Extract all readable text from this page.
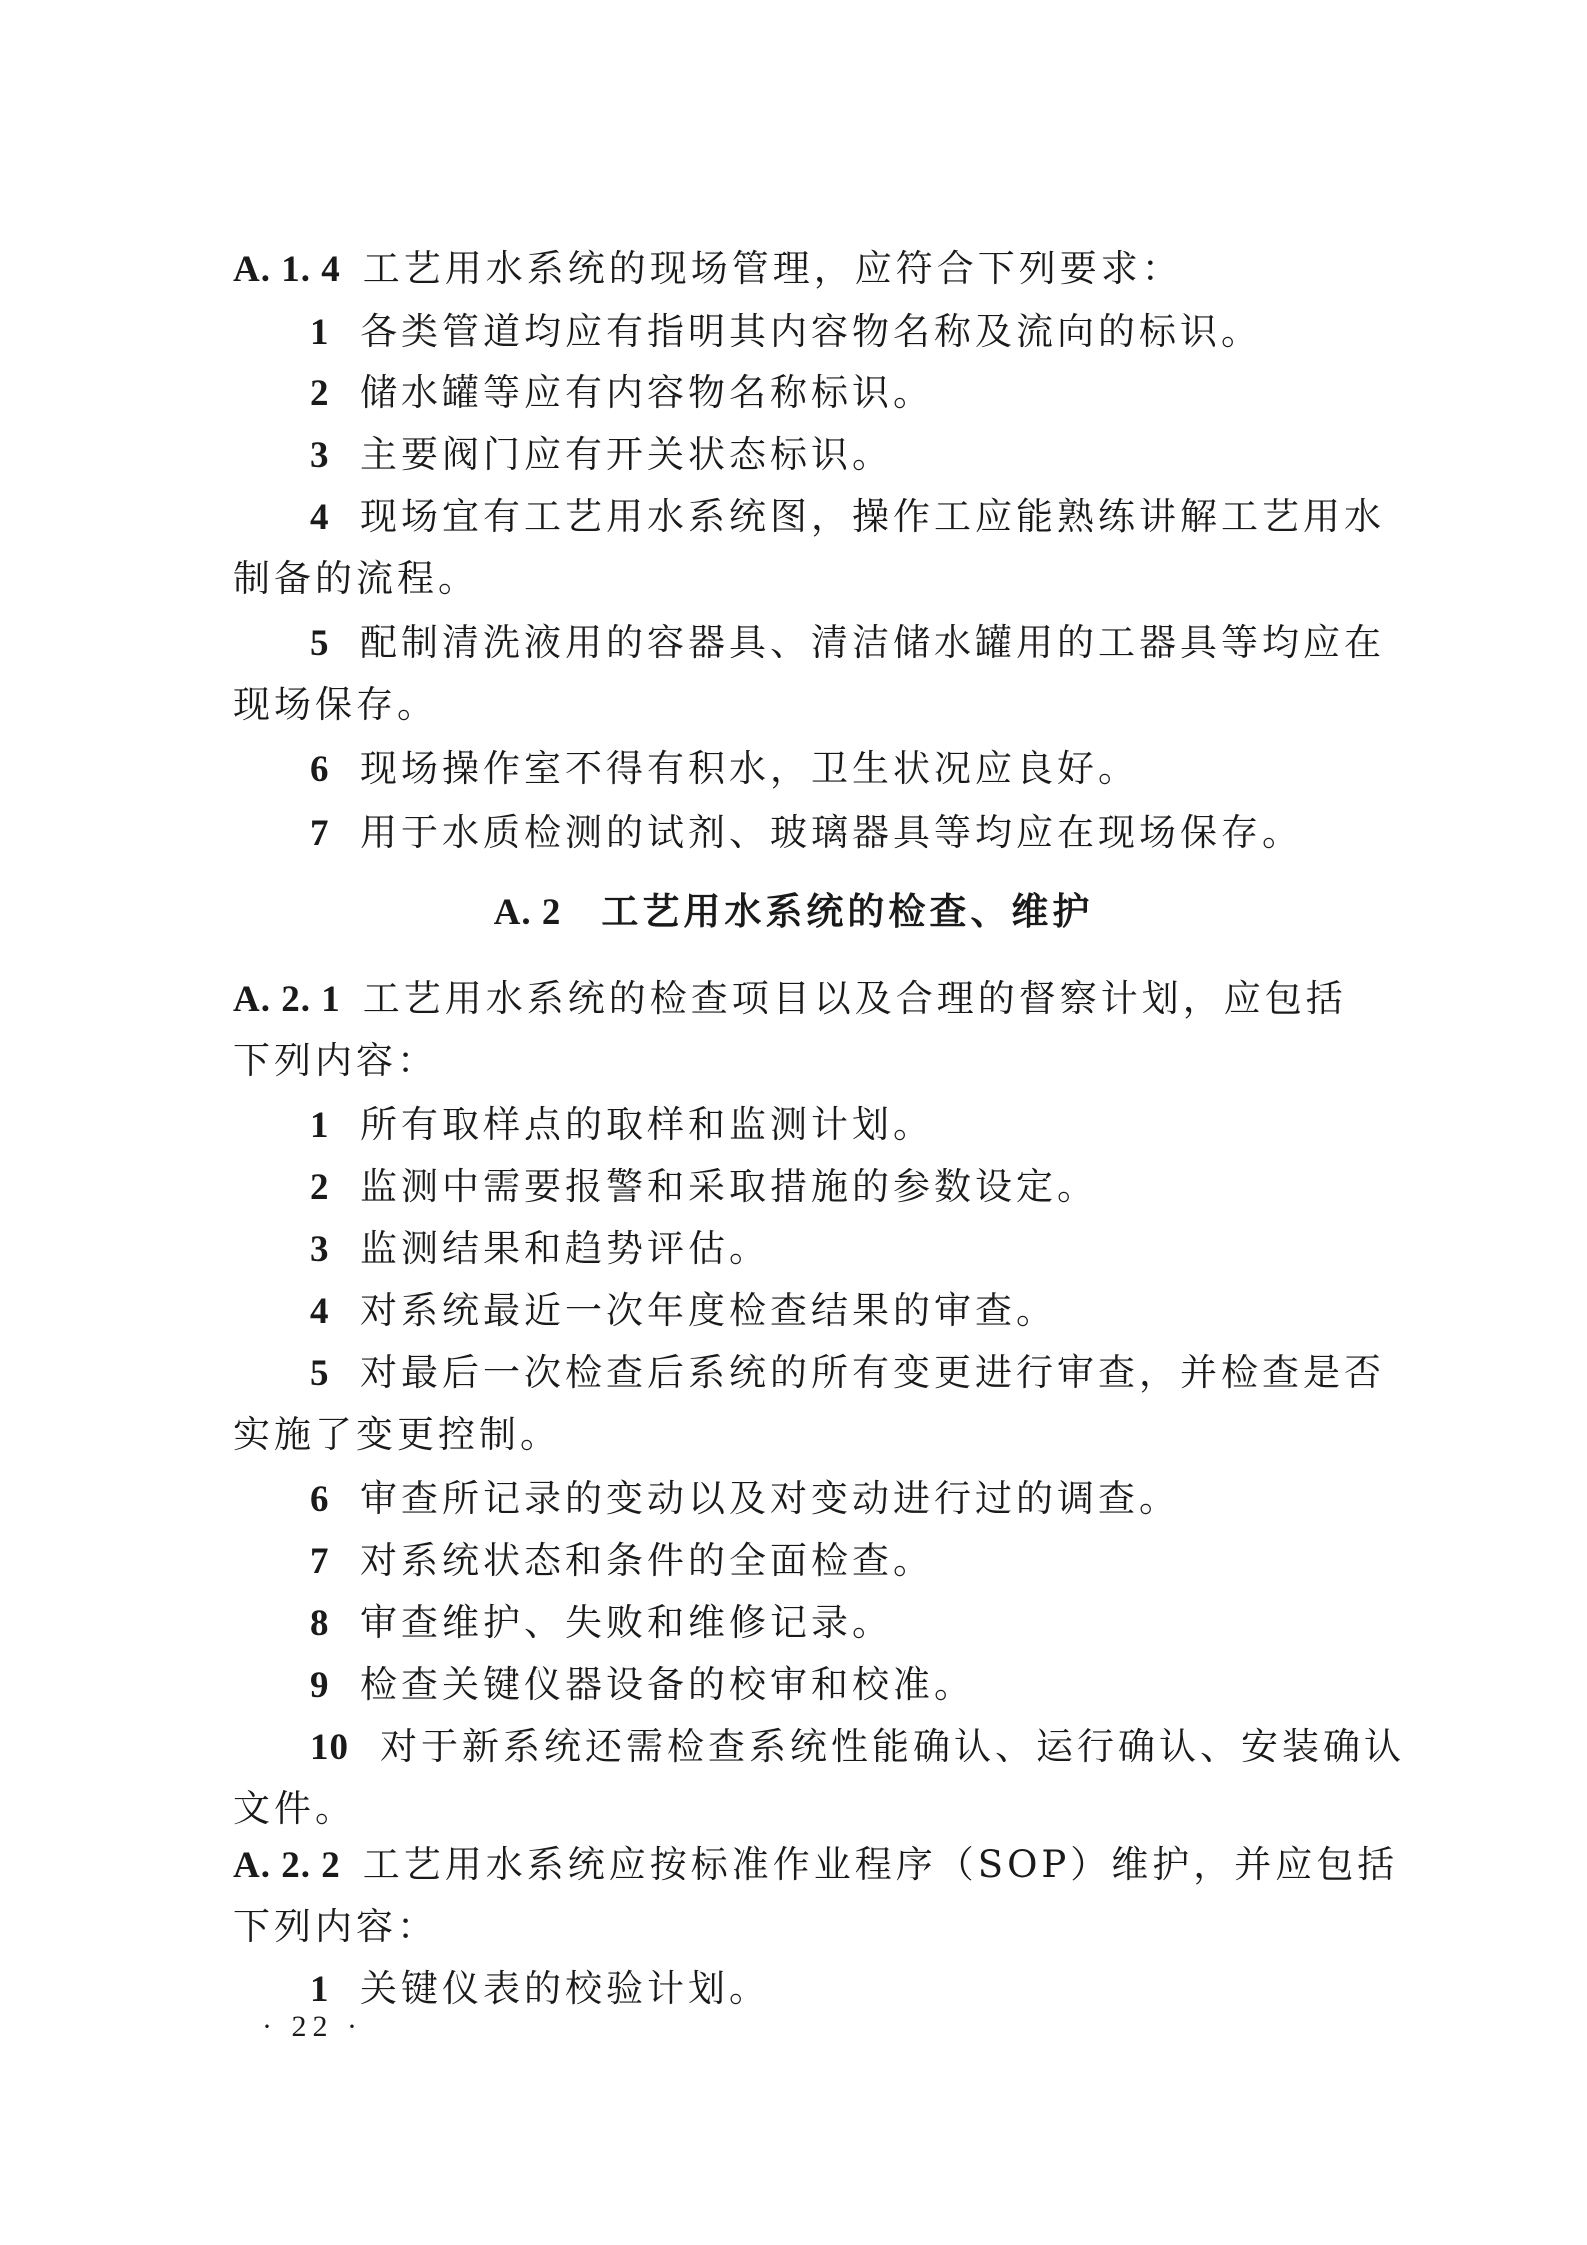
A. 1. 4 工艺用水系统的现场管理，应符合下列要求：
1 各类管道均应有指明其内容物名称及流向的标识。
2 储水罐等应有内容物名称标识。
3 主要阀门应有开关状态标识。
4 现场宜有工艺用水系统图，操作工应能熟练讲解工艺用水
制备的流程。
5 配制清洗液用的容器具、清洁储水罐用的工器具等均应在
现场保存。
6 现场操作室不得有积水，卫生状况应良好。
7 用于水质检测的试剂、玻璃器具等均应在现场保存。
A. 2 工艺用水系统的检查、维护
A. 2. 1 工艺用水系统的检查项目以及合理的督察计划，应包括
下列内容：
1 所有取样点的取样和监测计划。
2 监测中需要报警和采取措施的参数设定。
3 监测结果和趋势评估。
4 对系统最近一次年度检查结果的审查。
5 对最后一次检查后系统的所有变更进行审查，并检查是否
实施了变更控制。
6 审查所记录的变动以及对变动进行过的调查。
7 对系统状态和条件的全面检查。
8 审查维护、失败和维修记录。
9 检查关键仪器设备的校审和校准。
10 对于新系统还需检查系统性能确认、运行确认、安装确认
文件。
A. 2. 2 工艺用水系统应按标准作业程序（SOP）维护，并应包括
下列内容：
1 关键仪表的校验计划。
· 22 ·
